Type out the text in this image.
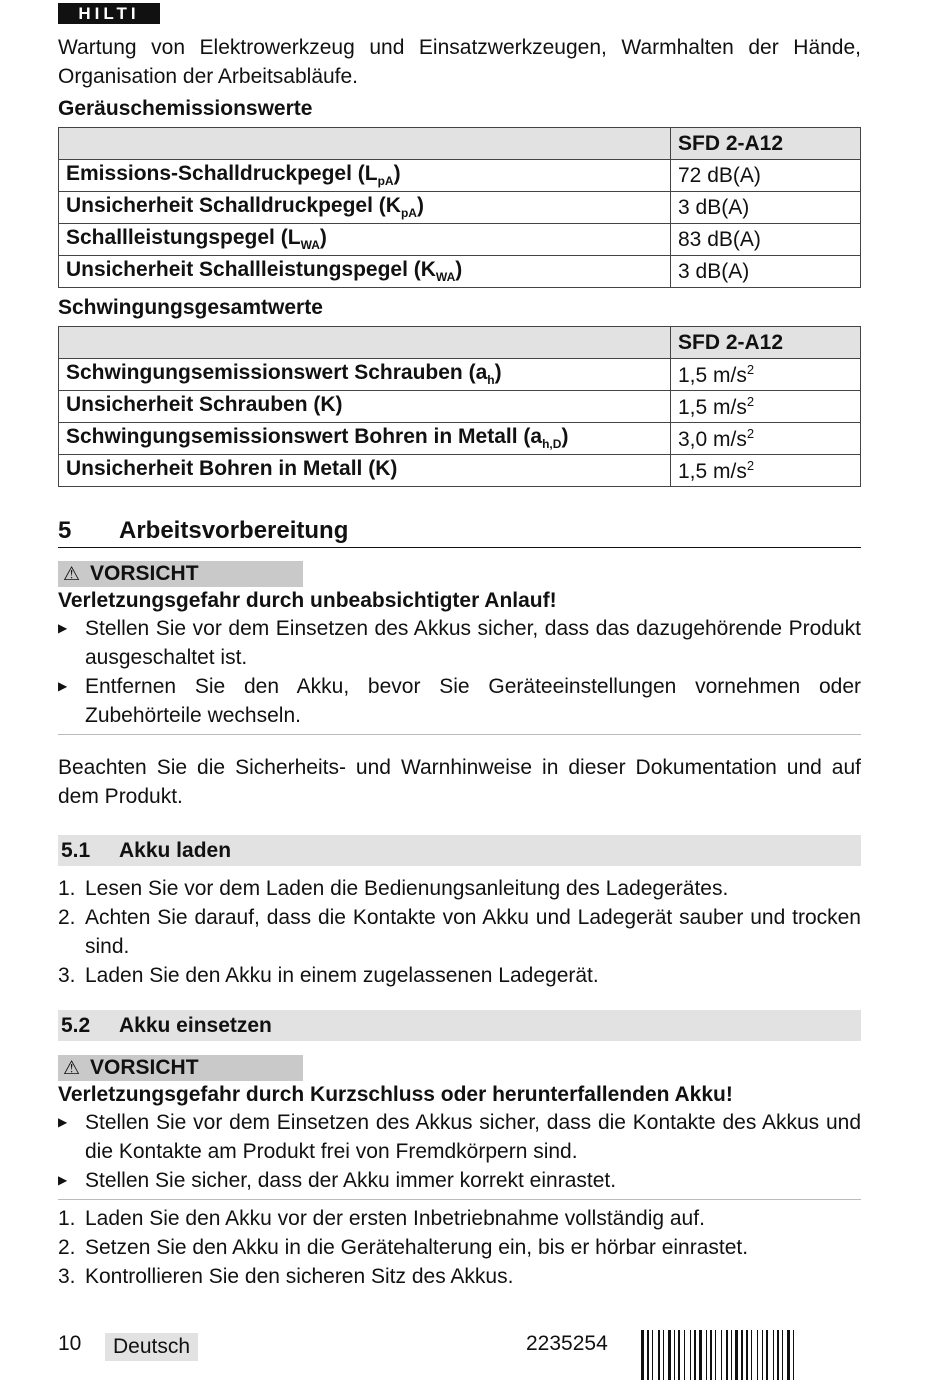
HILTI
Wartung von Elektrowerkzeug und Einsatzwerkzeugen, Warmhalten der Hände, Organisation der Arbeitsabläufe.
Geräuschemissionswerte
	SFD 2-A12
Emissions-Schalldruckpegel $(L_{pA})$	72 dB(A)
Unsicherheit Schalldruckpegel $(K_{pA})$	3 dB(A)
Schallleistungspegel $(L_{WA})$	83 dB(A)
Unsicherheit Schallleistungspegel $(K_{WA})$	3 dB(A)
Schwingungsgesamtwerte
	SFD 2-A12
Schwingungsemissionswert Schrauben $(a_h)$	1,5 $m/s^2$
Unsicherheit Schrauben (K)	1,5 $m/s^2$
Schwingungsemissionswert Bohren in Metall $(a_{h,D})$	3,0 $m/s^2$
Unsicherheit Bohren in Metall (K)	1,5 $m/s^2$
5	Arbeitsvorbereitung
⚠ VORSICHT
Verletzungsgefahr durch unbeabsichtigter Anlauf!
▶ Stellen Sie vor dem Einsetzen des Akkus sicher, dass das dazugehörende Produkt ausgeschaltet ist.
▶ Entfernen Sie den Akku, bevor Sie Geräteeinstellungen vornehmen oder Zubehörteile wechseln.
Beachten Sie die Sicherheits- und Warnhinweise in dieser Dokumentation und auf dem Produkt.
5.1	Akku laden
1. Lesen Sie vor dem Laden die Bedienungsanleitung des Ladegerätes.
2. Achten Sie darauf, dass die Kontakte von Akku und Ladegerät sauber und trocken sind.
3. Laden Sie den Akku in einem zugelassenen Ladegerät.
5.2	Akku einsetzen
⚠ VORSICHT
Verletzungsgefahr durch Kurzschluss oder herunterfallenden Akku!
▶ Stellen Sie vor dem Einsetzen des Akkus sicher, dass die Kontakte des Akkus und die Kontakte am Produkt frei von Fremdkörpern sind.
▶ Stellen Sie sicher, dass der Akku immer korrekt einrastet.
1. Laden Sie den Akku vor der ersten Inbetriebnahme vollständig auf.
2. Setzen Sie den Akku in die Gerätehalterung ein, bis er hörbar einrastet.
3. Kontrollieren Sie den sicheren Sitz des Akkus.
10	Deutsch	2235254
